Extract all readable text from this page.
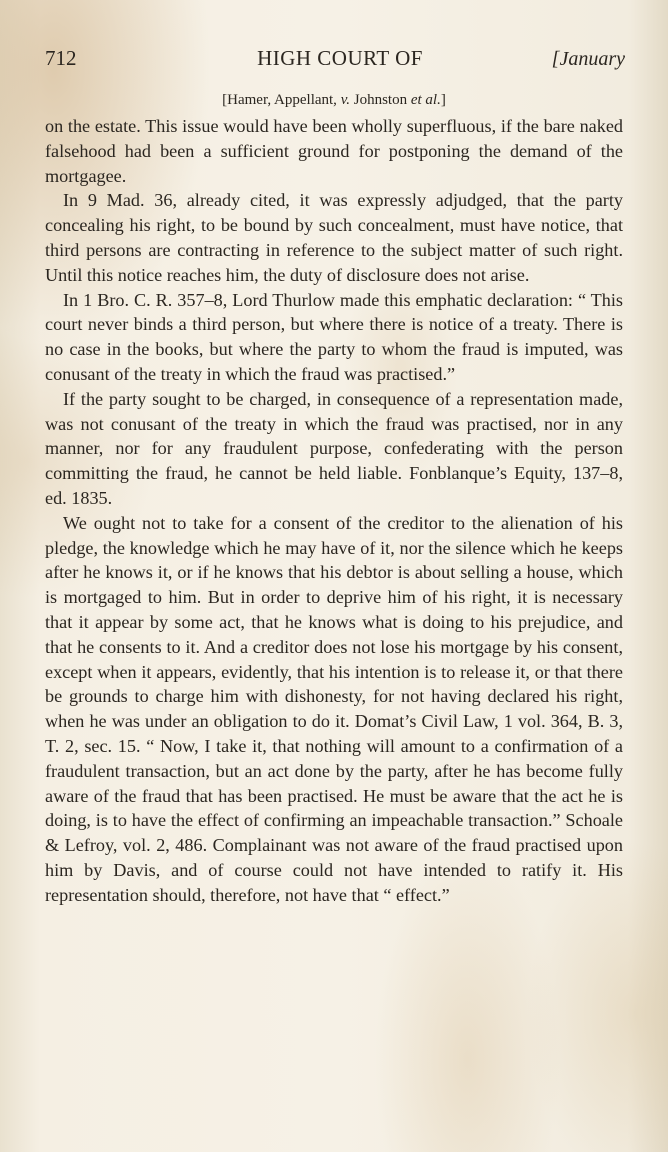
712	HIGH COURT OF	[January
[Hamer, Appellant, v. Johnston et al.]

on the estate. This issue would have been wholly superfluous, if the bare naked falsehood had been a sufficient ground for postponing the demand of the mortgagee.

In 9 Mad. 36, already cited, it was expressly adjudged, that the party concealing his right, to be bound by such concealment, must have notice, that third persons are contracting in reference to the subject matter of such right. Until this notice reaches him, the duty of disclosure does not arise.

In 1 Bro. C. R. 357–8, Lord Thurlow made this emphatic declaration: “ This court never binds a third person, but where there is notice of a treaty. There is no case in the books, but where the party to whom the fraud is imputed, was conusant of the treaty in which the fraud was practised.”

If the party sought to be charged, in consequence of a representation made, was not conusant of the treaty in which the fraud was practised, nor in any manner, nor for any fraudulent purpose, confederating with the person committing the fraud, he cannot be held liable. Fonblanque’s Equity, 137–8, ed. 1835.

We ought not to take for a consent of the creditor to the alienation of his pledge, the knowledge which he may have of it, nor the silence which he keeps after he knows it, or if he knows that his debtor is about selling a house, which is mortgaged to him. But in order to deprive him of his right, it is necessary that it appear by some act, that he knows what is doing to his prejudice, and that he consents to it. And a creditor does not lose his mortgage by his consent, except when it appears, evidently, that his intention is to release it, or that there be grounds to charge him with dishonesty, for not having declared his right, when he was under an obligation to do it. Domat’s Civil Law, 1 vol. 364, B. 3, T. 2, sec. 15. “ Now, I take it, that nothing will amount to a confirmation of a fraudulent transaction, but an act done by the party, after he has become fully aware of the fraud that has been practised. He must be aware that the act he is doing, is to have the effect of confirming an impeachable transaction.” Schoale & Lefroy, vol. 2, 486. Complainant was not aware of the fraud practised upon him by Davis, and of course could not have intended to ratify it. His representation should, therefore, not have that “ effect.”
